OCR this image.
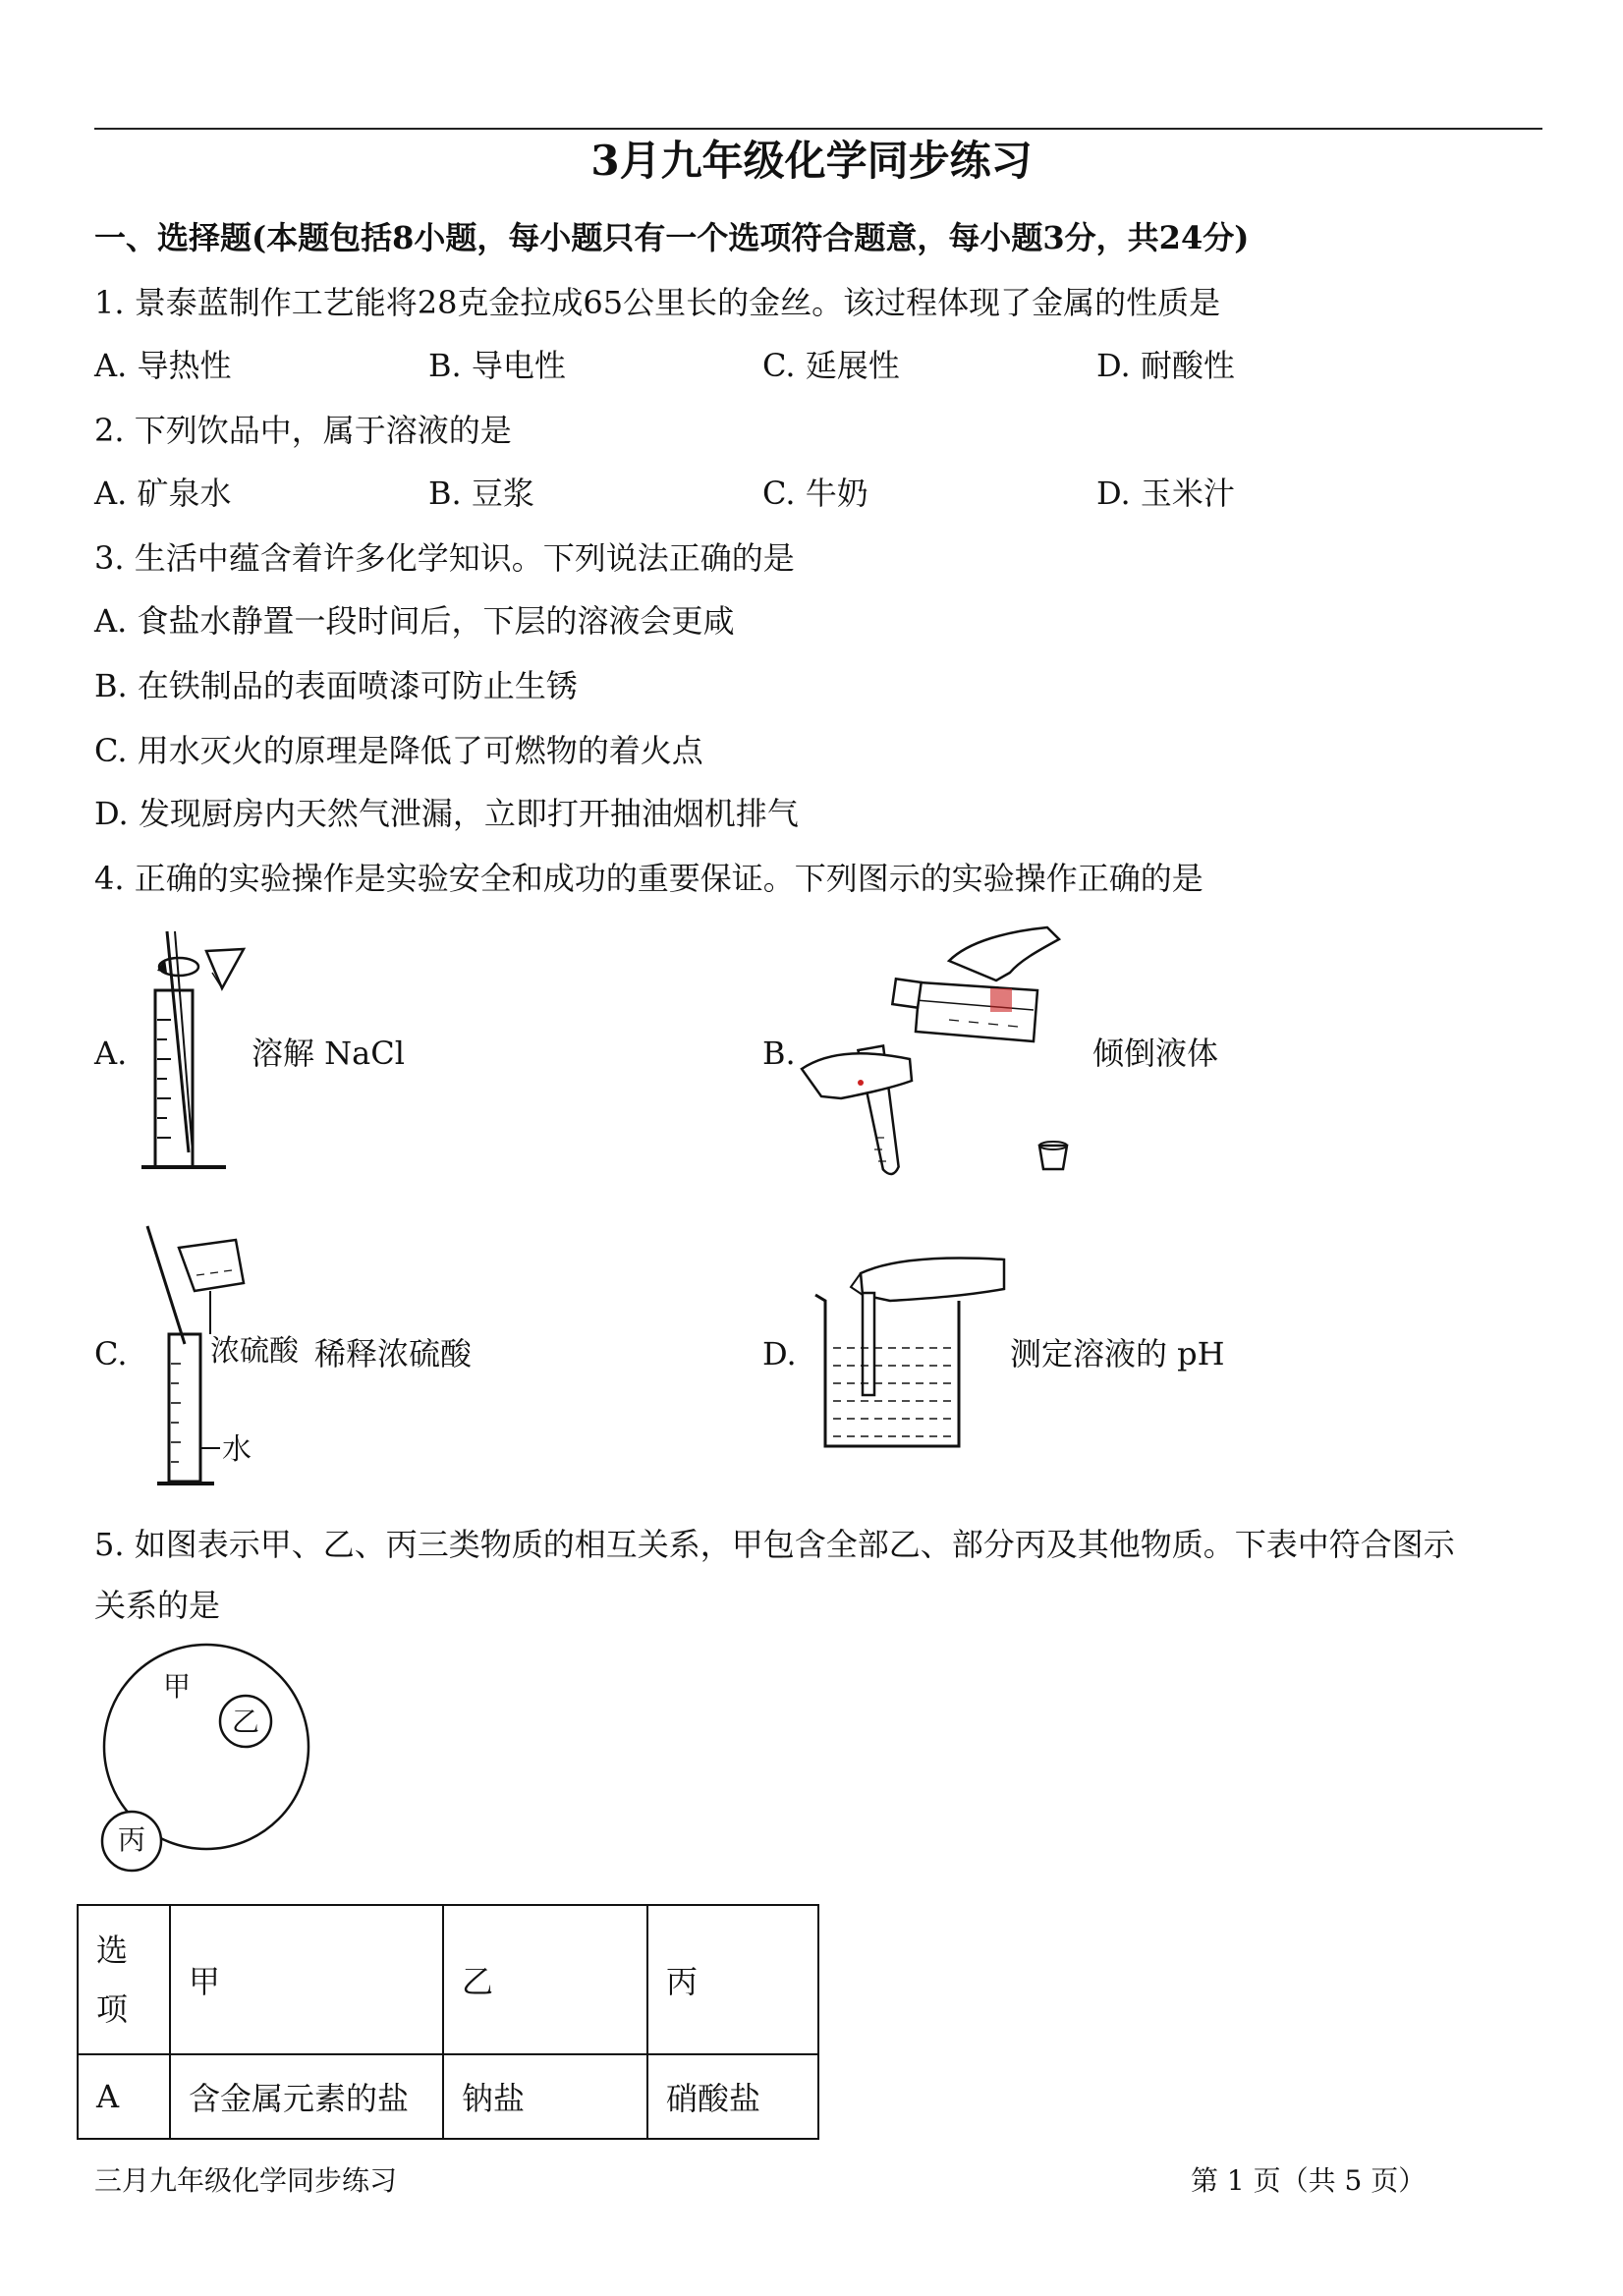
3月九年级化学同步练习
一、选择题(本题包括8小题，每小题只有一个选项符合题意，每小题3分，共24分)
1. 景泰蓝制作工艺能将28克金拉成65公里长的金丝。该过程体现了金属的性质是
A. 导热性	B. 导电性	C. 延展性	D. 耐酸性
2. 下列饮品中，属于溶液的是
A. 矿泉水	B. 豆浆	C. 牛奶	D. 玉米汁
3. 生活中蕴含着许多化学知识。下列说法正确的是
A. 食盐水静置一段时间后，下层的溶液会更咸
B. 在铁制品的表面喷漆可防止生锈
C. 用水灭火的原理是降低了可燃物的着火点
D. 发现厨房内天然气泄漏，立即打开抽油烟机排气
4. 正确的实验操作是实验安全和成功的重要保证。下列图示的实验操作正确的是
A.	溶解 NaCl	B.	倾倒液体
C.	浓硫酸
水
稀释浓硫酸	D.	测定溶液的 pH
5. 如图表示甲、乙、丙三类物质的相互关系，甲包含全部乙、部分丙及其他物质。下表中符合图示
关系的是
甲
乙
丙
选
项	甲	乙	丙
A	含金属元素的盐	钠盐	硝酸盐
三月九年级化学同步练习	第 1 页（共 5 页）
